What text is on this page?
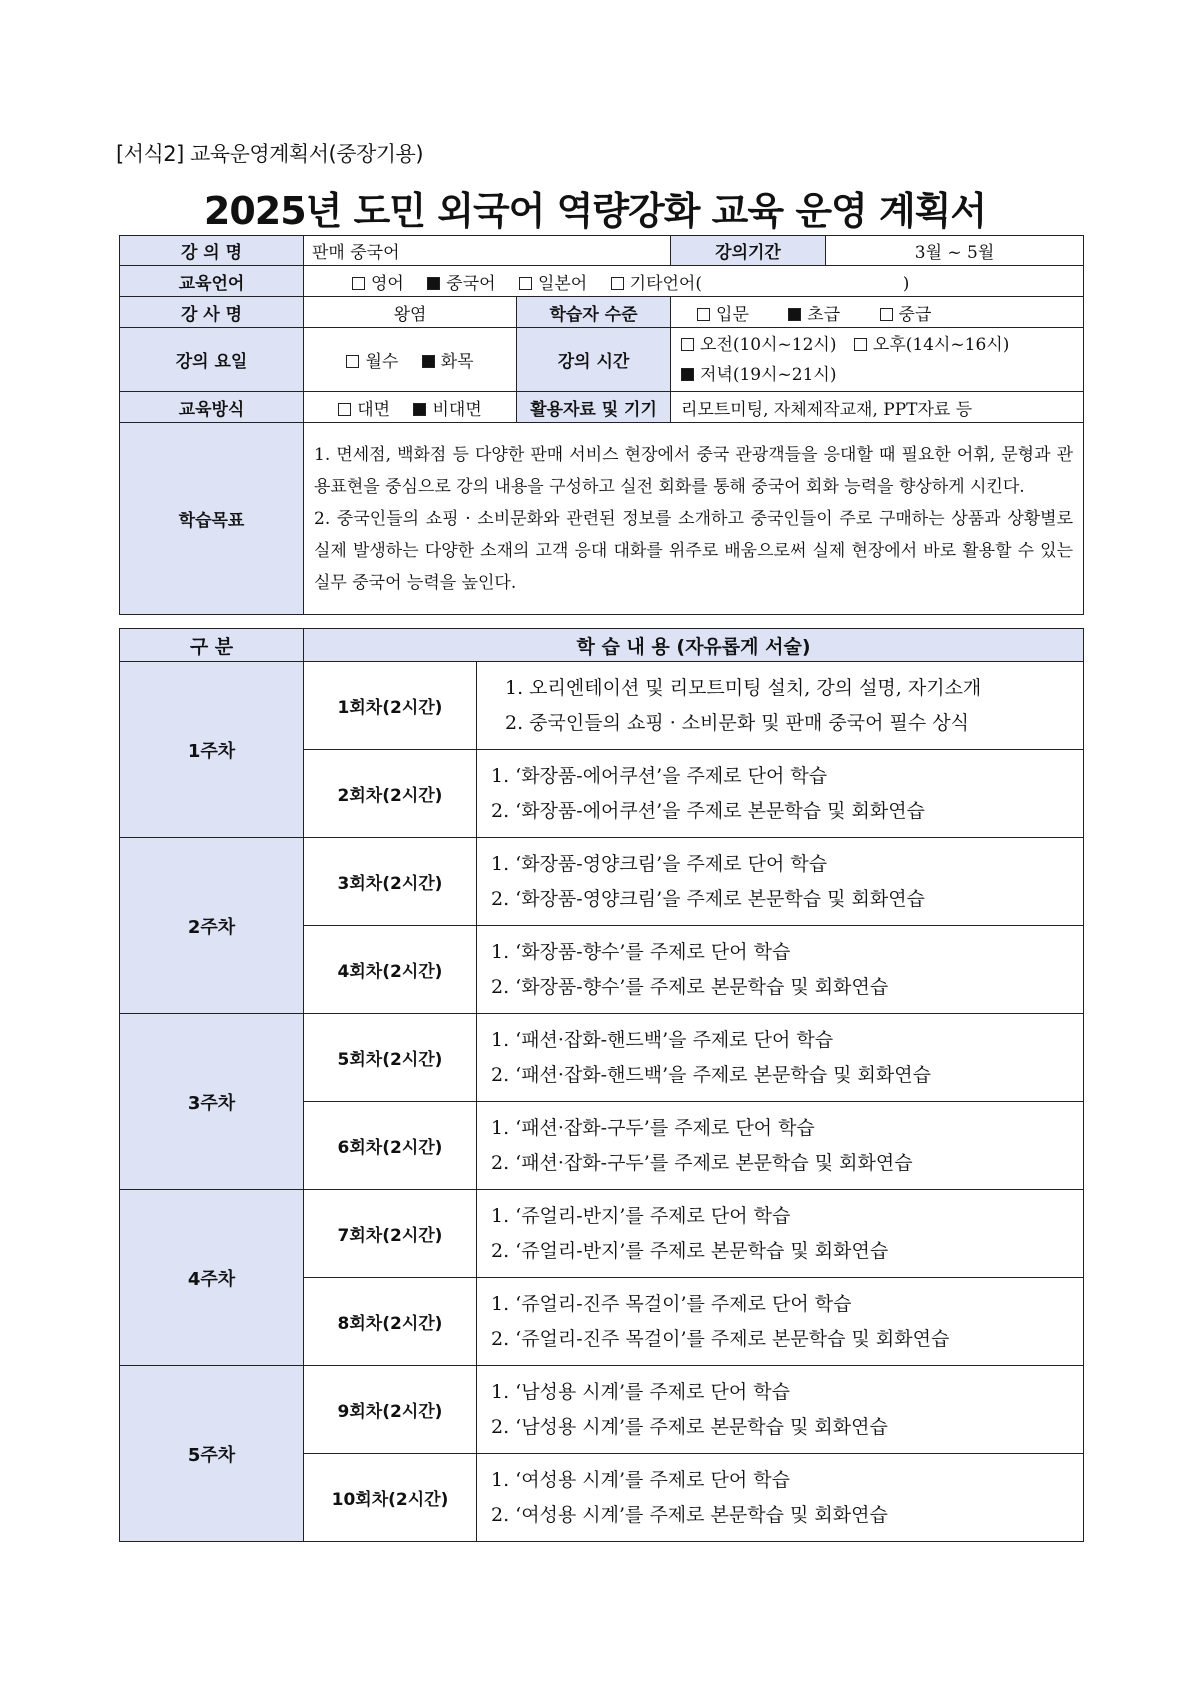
[서식2] 교육운영계획서(중장기용)
2025년 도민 외국어 역량강화 교육 운영 계획서
강 의 명	판매 중국어		강의기간	3월 ~ 5월
교육언어	영어 중국어 일본어 기타언어( )			
강 사 명	왕염	학습자 수준	입문 초급 중급	
강의 요일	월수 화목	강의 시간	오전(10시~12시) 오후(14시~16시)
저녁(19시~21시)	

교육방식	대면 비대면	활용자료 및 기기	리모트미팅, 자체제작교재, PPT자료 등	
학습목표	1. 면세점, 백화점 등 다양한 판매 서비스 현장에서 중국 관광객들을 응대할 때 필요한 어휘, 문형과 관용표현을 중심으로 강의 내용을 구성하고 실전 회화를 통해 중국어 회화 능력을 향상하게 시킨다.

2. 중국인들의 쇼핑 · 소비문화와 관련된 정보를 소개하고 중국인들이 주로 구매하는 상품과 상황별로 실제 발생하는 다양한 소재의 고객 응대 대화를 위주로 배움으로써 실제 현장에서 바로 활용할 수 있는 실무 중국어 능력을 높인다.			

구 분	학 습 내 용 (자유롭게 서술)	
1주차	1회차(2시간)	1. 오리엔테이션 및 리모트미팅 설치, 강의 설명, 자기소개
2. 중국인들의 쇼핑 · 소비문화 및 판매 중국어 필수 상식

	2회차(2시간)	1. ‘화장품-에어쿠션’을 주제로 단어 학습
2. ‘화장품-에어쿠션’을 주제로 본문학습 및 회화연습

2주차	3회차(2시간)	1. ‘화장품-영양크림’을 주제로 단어 학습
2. ‘화장품-영양크림’을 주제로 본문학습 및 회화연습

	4회차(2시간)	1. ‘화장품-향수’를 주제로 단어 학습
2. ‘화장품-향수’를 주제로 본문학습 및 회화연습

3주차	5회차(2시간)	1. ‘패션·잡화-핸드백’을 주제로 단어 학습
2. ‘패션·잡화-핸드백’을 주제로 본문학습 및 회화연습

	6회차(2시간)	1. ‘패션·잡화-구두’를 주제로 단어 학습
2. ‘패션·잡화-구두’를 주제로 본문학습 및 회화연습

4주차	7회차(2시간)	1. ‘쥬얼리-반지’를 주제로 단어 학습
2. ‘쥬얼리-반지’를 주제로 본문학습 및 회화연습

	8회차(2시간)	1. ‘쥬얼리-진주 목걸이’를 주제로 단어 학습
2. ‘쥬얼리-진주 목걸이’를 주제로 본문학습 및 회화연습

5주차	9회차(2시간)	1. ‘남성용 시계’를 주제로 단어 학습
2. ‘남성용 시계’를 주제로 본문학습 및 회화연습

	10회차(2시간)	1. ‘여성용 시계’를 주제로 단어 학습
2. ‘여성용 시계’를 주제로 본문학습 및 회화연습
